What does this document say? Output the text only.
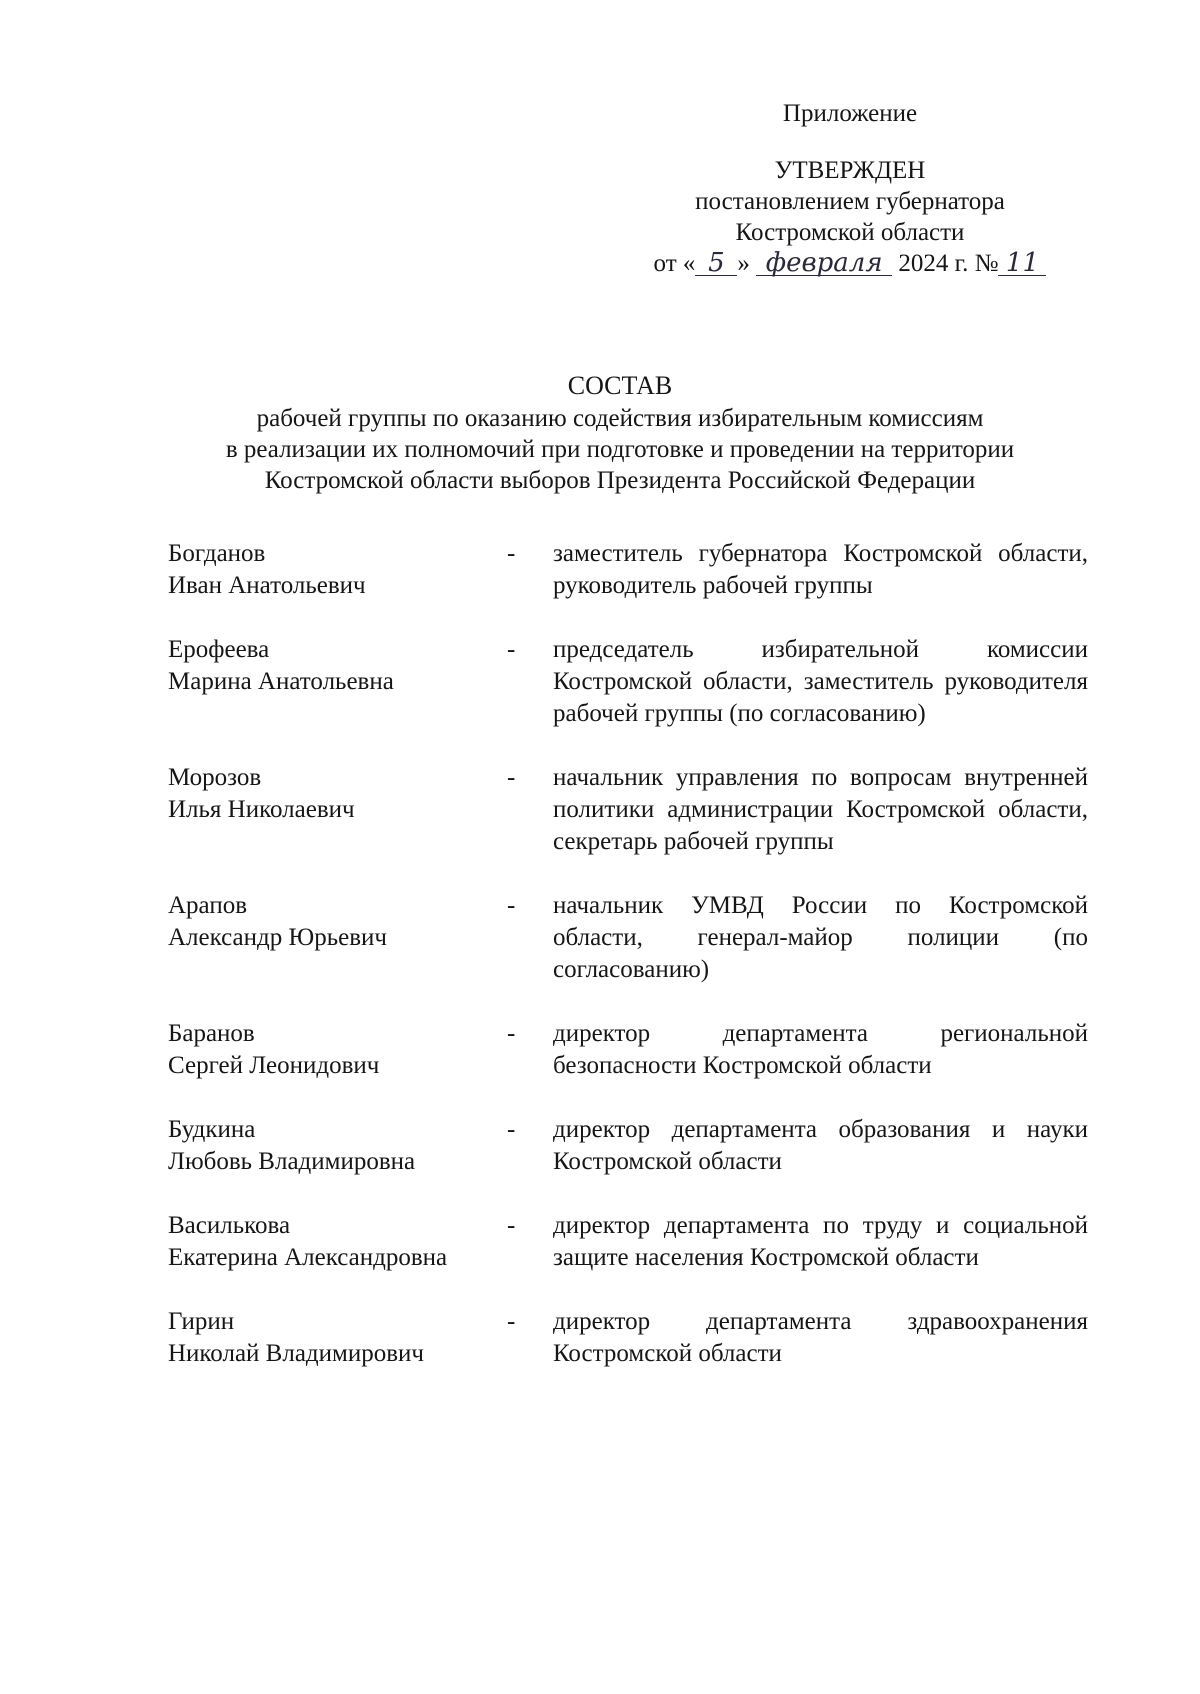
Приложение
УТВЕРЖДЕН
постановлением губернатора
Костромской области
от « 5 » февраля 2024 г. № 11
СОСТАВ
рабочей группы по оказанию содействия избирательным комиссиям
в реализации их полномочий при подготовке и проведении на территории
Костромской области выборов Президента Российской Федерации
Богданов
Иван Анатольевич
- заместитель губернатора Костромской области, руководитель рабочей группы
Ерофеева
Марина Анатольевна
- председатель избирательной комиссии Костромской области, заместитель руководителя рабочей группы (по согласованию)
Морозов
Илья Николаевич
- начальник управления по вопросам внутренней политики администрации Костромской области, секретарь рабочей группы
Арапов
Александр Юрьевич
- начальник УМВД России по Костромской области, генерал-майор полиции (по согласованию)
Баранов
Сергей Леонидович
- директор департамента региональной безопасности Костромской области
Будкина
Любовь Владимировна
- директор департамента образования и науки Костромской области
Василькова
Екатерина Александровна
- директор департамента по труду и социальной защите населения Костромской области
Гирин
Николай Владимирович
- директор департамента здравоохранения Костромской области
